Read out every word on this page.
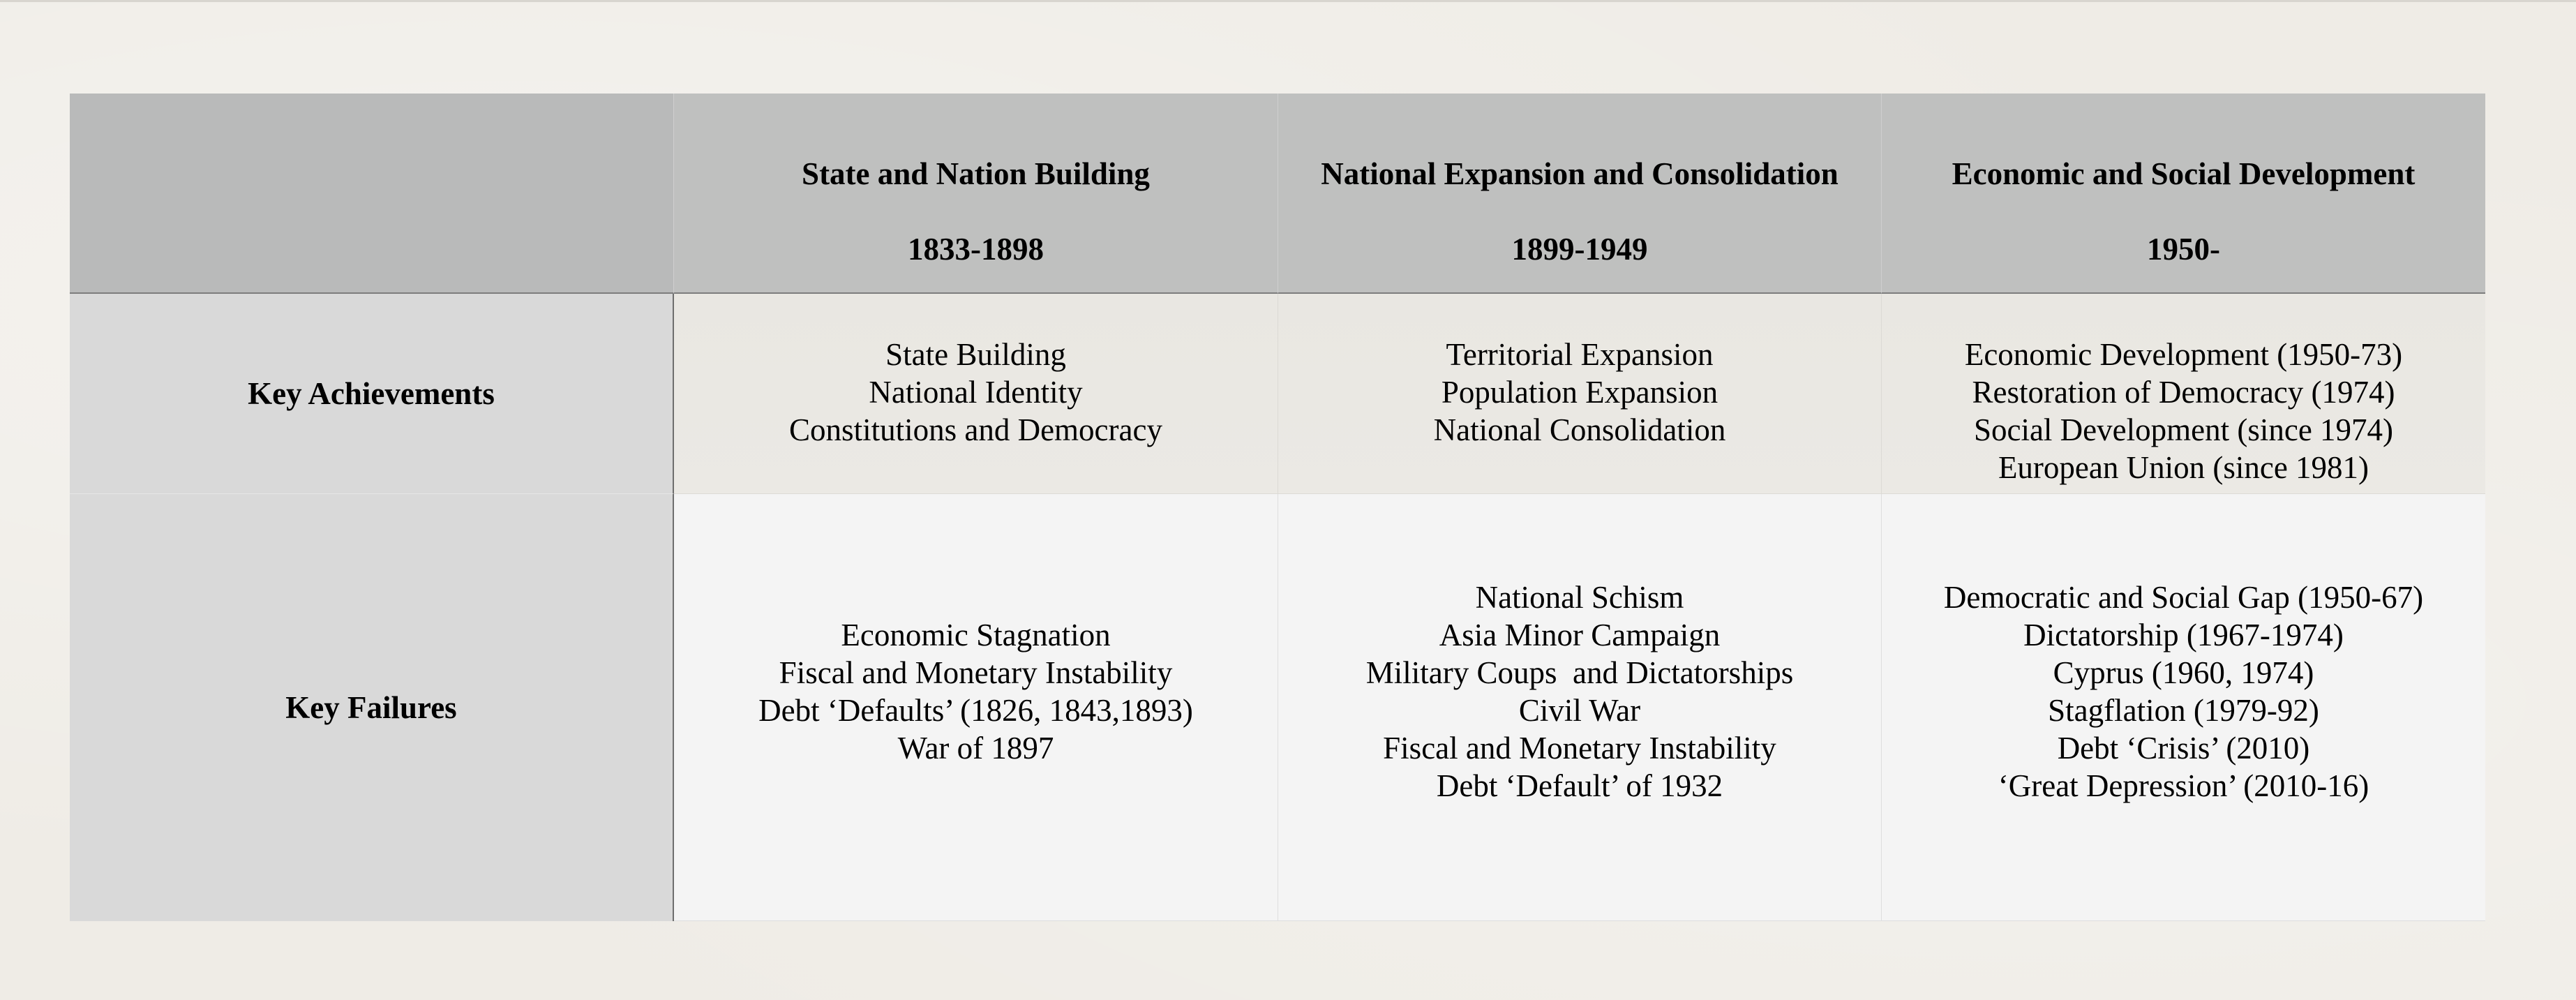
State and Nation Building
1833-1898
National Expansion and Consolidation
1899-1949
Economic and Social Development
1950-
Key Achievements
State Building
National Identity
Constitutions and Democracy
Territorial Expansion
Population Expansion
National Consolidation
Economic Development (1950-73)
Restoration of Democracy (1974)
Social Development (since 1974)
European Union (since 1981)
Key Failures
Economic Stagnation
Fiscal and Monetary Instability
Debt ‘Defaults’ (1826, 1843,1893)
War of 1897
National Schism
Asia Minor Campaign
Military Coups  and Dictatorships
Civil War
Fiscal and Monetary Instability
Debt ‘Default’ of 1932
Democratic and Social Gap (1950-67)
Dictatorship (1967-1974)
Cyprus (1960, 1974)
Stagflation (1979-92)
Debt ‘Crisis’ (2010)
‘Great Depression’ (2010-16)
